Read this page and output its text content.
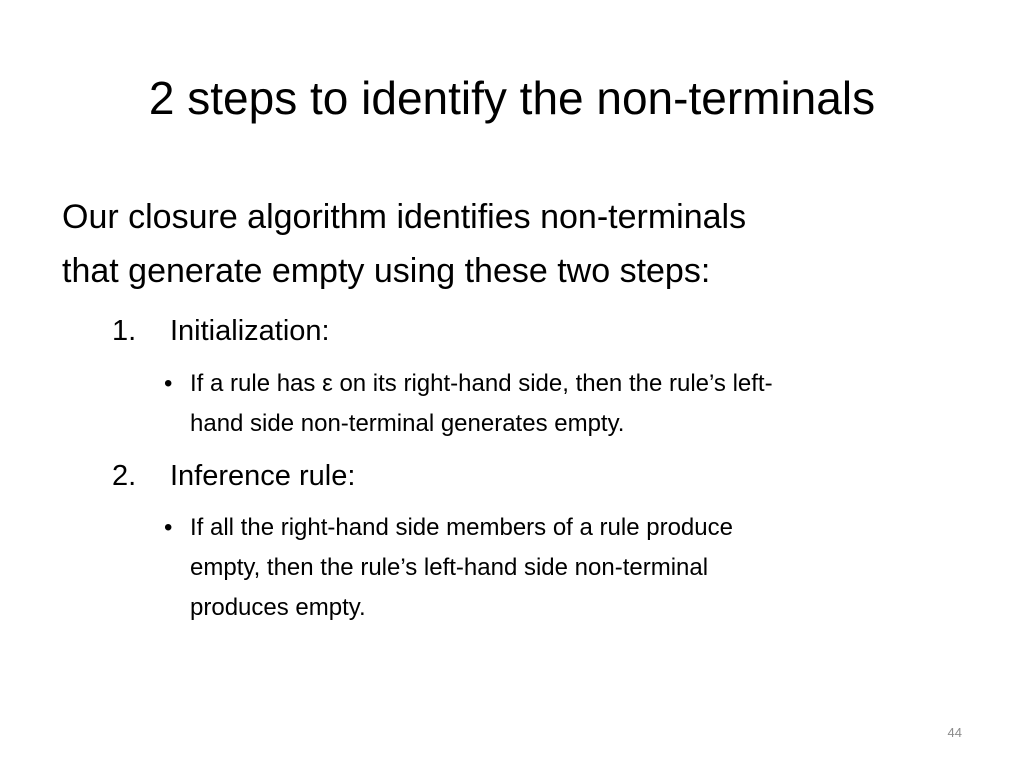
2 steps to identify the non-terminals
Our closure algorithm identifies non-terminals
that generate empty using these two steps:
1. Initialization:
• If a rule has ε on its right-hand side, then the rule’s left-
hand side non-terminal generates empty.
2. Inference rule:
• If all the right-hand side members of a rule produce
empty, then the rule’s left-hand side non-terminal
produces empty.
44
